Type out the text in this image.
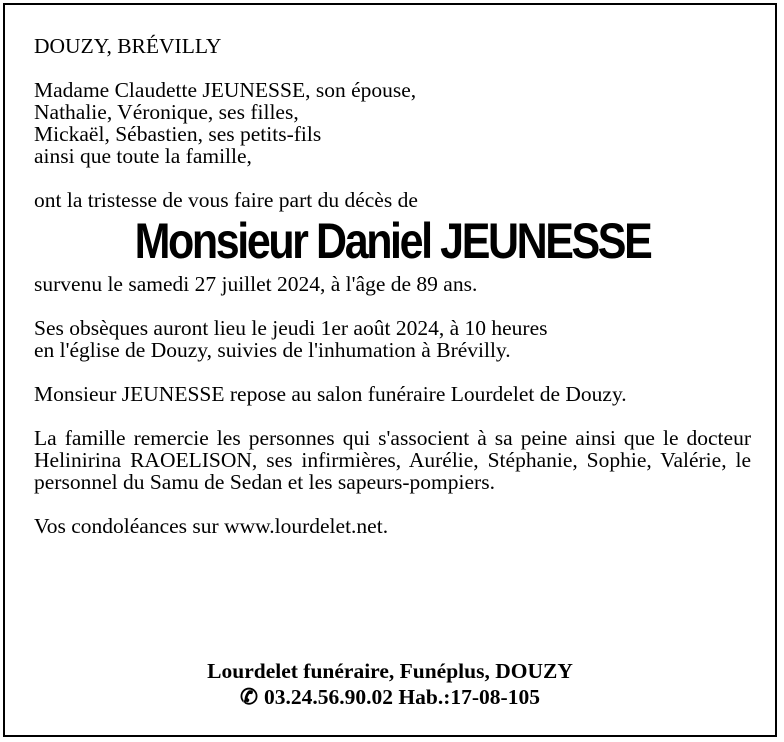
DOUZY, BRÉVILLY
Madame Claudette JEUNESSE, son épouse,
Nathalie, Véronique, ses filles,
Mickaël, Sébastien, ses petits-fils
ainsi que toute la famille,
ont la tristesse de vous faire part du décès de
Monsieur Daniel JEUNESSE
survenu le samedi 27 juillet 2024, à l'âge de 89 ans.
Ses obsèques auront lieu le jeudi 1er août 2024, à 10 heures
en l'église de Douzy, suivies de l'inhumation à Brévilly.
Monsieur JEUNESSE repose au salon funéraire Lourdelet de Douzy.
La famille remercie les personnes qui s'associent à sa peine ainsi que le docteur Helinirina RAOELISON, ses infirmières, Aurélie, Stéphanie, Sophie, Valérie, le personnel du Samu de Sedan et les sapeurs-pompiers.
Vos condoléances sur www.lourdelet.net.
Lourdelet funéraire, Funéplus, DOUZY
✆ 03.24.56.90.02 Hab.:17-08-105
